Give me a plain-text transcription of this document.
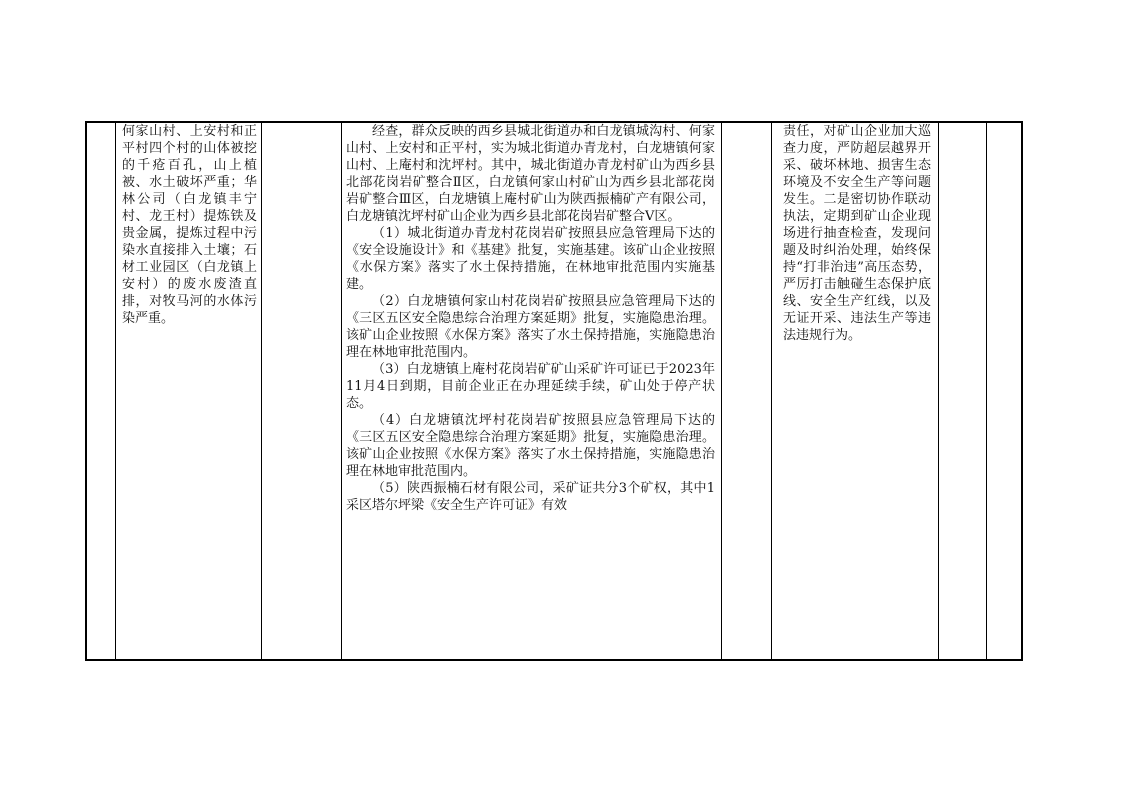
何家山村、上安村和正平村四个村的山体被挖的千疮百孔，山上植被、水土破坏严重；华林公司（白龙镇丰宁村、龙王村）提炼铁及贵金属，提炼过程中污染水直接排入土壤；石材工业园区（白龙镇上安村）的废水废渣直排，对牧马河的水体污染严重。

经查，群众反映的西乡县城北街道办和白龙镇城沟村、何家山村、上安村和正平村，实为城北街道办青龙村，白龙塘镇何家山村、上庵村和沈坪村。其中，城北街道办青龙村矿山为西乡县北部花岗岩矿整合Ⅱ区，白龙镇何家山村矿山为西乡县北部花岗岩矿整合Ⅲ区，白龙塘镇上庵村矿山为陕西振楠矿产有限公司，白龙塘镇沈坪村矿山企业为西乡县北部花岗岩矿整合Ⅴ区。

（1）城北街道办青龙村花岗岩矿按照县应急管理局下达的《安全设施设计》和《基建》批复，实施基建。该矿山企业按照《水保方案》落实了水土保持措施，在林地审批范围内实施基建。

（2）白龙塘镇何家山村花岗岩矿按照县应急管理局下达的《三区五区安全隐患综合治理方案延期》批复，实施隐患治理。该矿山企业按照《水保方案》落实了水土保持措施，实施隐患治理在林地审批范围内。

（3）白龙塘镇上庵村花岗岩矿矿山采矿许可证已于2023年11月4日到期，目前企业正在办理延续手续，矿山处于停产状态。

（4）白龙塘镇沈坪村花岗岩矿按照县应急管理局下达的《三区五区安全隐患综合治理方案延期》批复，实施隐患治理。该矿山企业按照《水保方案》落实了水土保持措施，实施隐患治理在林地审批范围内。

（5）陕西振楠石材有限公司，采矿证共分3个矿权，其中1采区塔尔坪梁《安全生产许可证》有效

责任，对矿山企业加大巡查力度，严防超层越界开采、破坏林地、损害生态环境及不安全生产等问题发生。二是密切协作联动执法，定期到矿山企业现场进行抽查检查，发现问题及时纠治处理，始终保持“打非治违”高压态势，严厉打击触碰生态保护底线、安全生产红线，以及无证开采、违法生产等违法违规行为。
